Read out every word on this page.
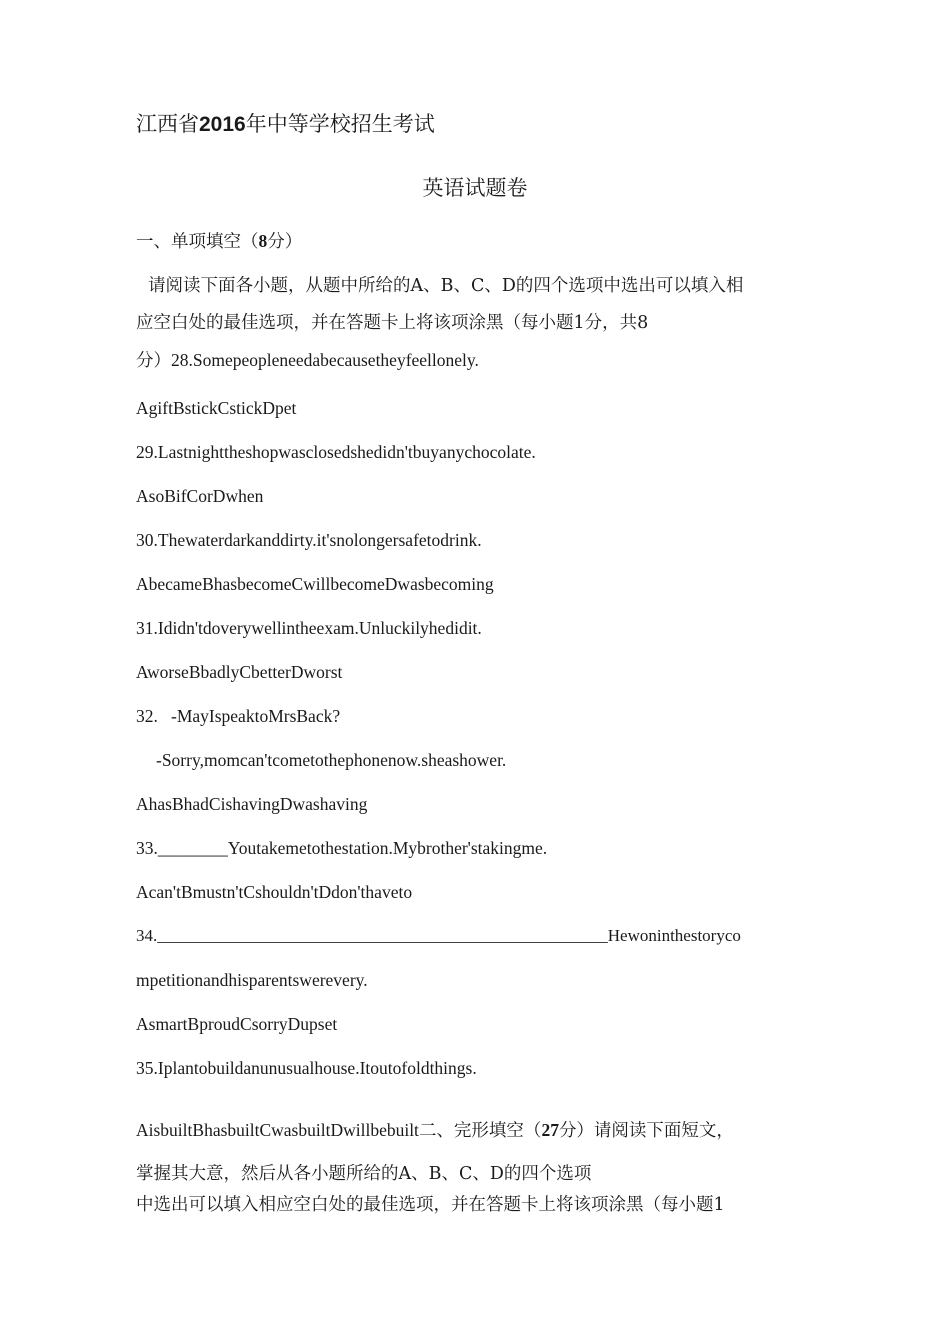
江西省2016年中等学校招生考试
英语试题卷
一、单项填空（8分）
请阅读下面各小题，从题中所给的A、B、C、D的四个选项中选出可以填入相
应空白处的最佳选项，并在答题卡上将该项涂黑（每小题1分，共8
分）28.Somepeopleneedabecausetheyfeellonely.
AgiftBstickCstickDpet
29.Lastnighttheshopwasclosedshedidn'tbuyanychocolate.
AsoBifCorDwhen
30.Thewaterdarkanddirty.it'snolongersafetodrink.
AbecameBhasbecomeCwillbecomeDwasbecoming
31.Ididn'tdoverywellintheexam.Unluckilyhedidit.
AworseBbadlyCbetterDworst
32.   -MayIspeaktoMrsBack?
-Sorry,momcan'tcometothephonenow.sheashower.
AhasBhadCishavingDwashaving
33.________Youtakemetothestation.Mybrother'stakingme.
Acan'tBmustn'tCshouldn'tDdon'thaveto
34._____________________________________________________Hewoninthestoryco
mpetitionandhisparentswerevery.
AsmartBproudCsorryDupset
35.Iplantobuildanunusualhouse.Itoutofoldthings.
AisbuiltBhasbuiltCwasbuiltDwillbebuilt二、完形填空（27分）请阅读下面短文，
掌握其大意，然后从各小题所给的A、B、C、D的四个选项
中选出可以填入相应空白处的最佳选项，并在答题卡上将该项涂黑（每小题1
